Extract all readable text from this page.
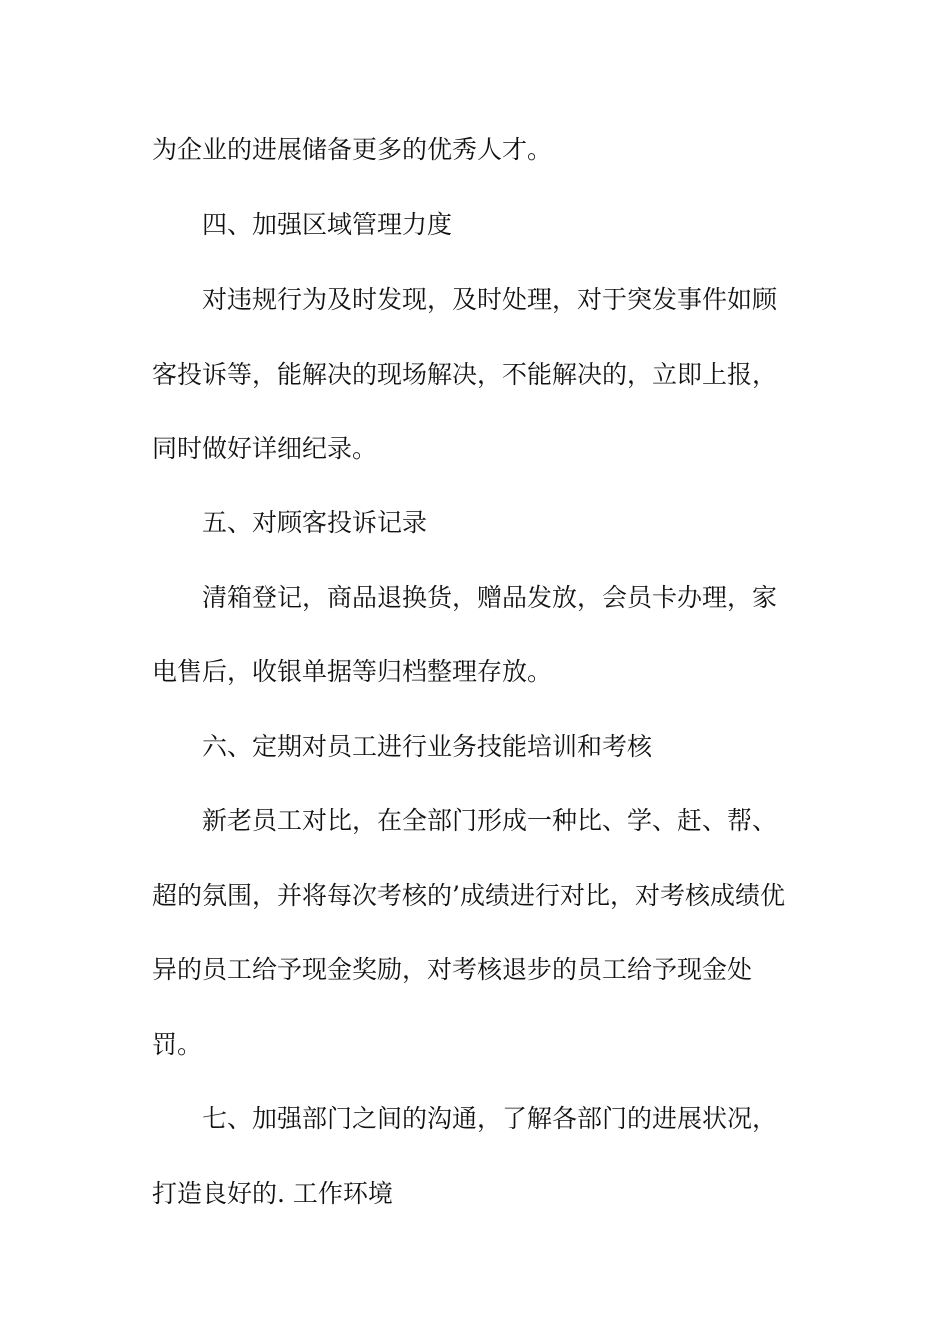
为企业的进展储备更多的优秀人才。
四、加强区域管理力度
对违规行为及时发现，及时处理，对于突发事件如顾
客投诉等，能解决的现场解决，不能解决的，立即上报，
同时做好详细纪录。
五、对顾客投诉记录
清箱登记，商品退换货，赠品发放，会员卡办理，家
电售后，收银单据等归档整理存放。
六、定期对员工进行业务技能培训和考核
新老员工对比，在全部门形成一种比、学、赶、帮、
超的氛围，并将每次考核的’成绩进行对比，对考核成绩优
异的员工给予现金奖励，对考核退步的员工给予现金处
罚。
七、加强部门之间的沟通，了解各部门的进展状况，
打造良好的. 工作环境
